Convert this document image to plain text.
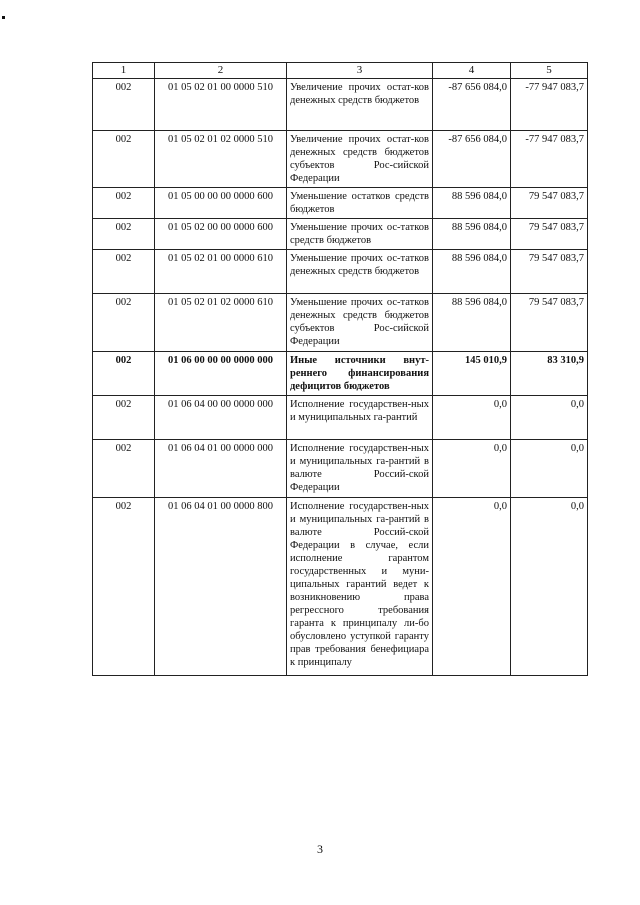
1	2	3	4	5
002	01 05 02 01 00 0000 510	Увеличение прочих остат-ков денежных средств бюджетов	-87 656 084,0	-77 947 083,7
002	01 05 02 01 02 0000 510	Увеличение прочих остат-ков денежных средств бюджетов субъектов Рос-сийской Федерации	-87 656 084,0	-77 947 083,7
002	01 05 00 00 00 0000 600	Уменьшение остатков средств бюджетов	88 596 084,0	79 547 083,7
002	01 05 02 00 00 0000 600	Уменьшение прочих ос-татков средств бюджетов	88 596 084,0	79 547 083,7
002	01 05 02 01 00 0000 610	Уменьшение прочих ос-татков денежных средств бюджетов	88 596 084,0	79 547 083,7
002	01 05 02 01 02 0000 610	Уменьшение прочих ос-татков денежных средств бюджетов субъектов Рос-сийской Федерации	88 596 084,0	79 547 083,7
002	01 06 00 00 00 0000 000	Иные источники внут-реннего финансирования дефицитов бюджетов	145 010,9	83 310,9
002	01 06 04 00 00 0000 000	Исполнение государствен-ных и муниципальных га-рантий	0,0	0,0
002	01 06 04 01 00 0000 000	Исполнение государствен-ных и муниципальных га-рантий в валюте Россий-ской Федерации	0,0	0,0
002	01 06 04 01 00 0000 800	Исполнение государствен-ных и муниципальных га-рантий в валюте Россий-ской Федерации в случае, если исполнение гарантом государственных и муни-ципальных гарантий ведет к возникновению права регрессного требования гаранта к принципалу ли-бо обусловлено уступкой гаранту прав требования бенефициара к принципалу	0,0	0,0
3
